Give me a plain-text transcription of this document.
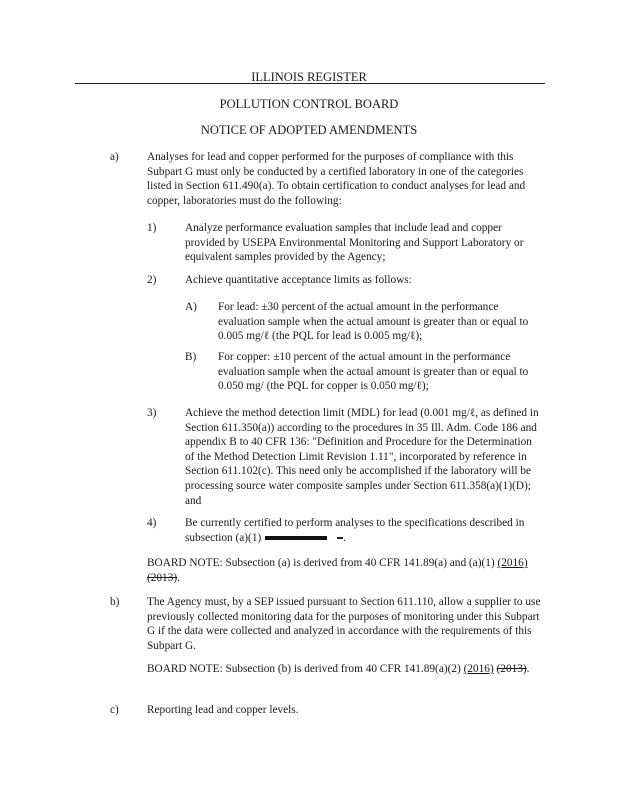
ILLINOIS REGISTER
POLLUTION CONTROL BOARD
NOTICE OF ADOPTED AMENDMENTS
a) Analyses for lead and copper performed for the purposes of compliance with this Subpart G must only be conducted by a certified laboratory in one of the categories listed in Section 611.490(a). To obtain certification to conduct analyses for lead and copper, laboratories must do the following:
1)	Analyze performance evaluation samples that include lead and copper provided by USEPA Environmental Monitoring and Support Laboratory or equivalent samples provided by the Agency;
2)	Achieve quantitative acceptance limits as follows:
A) For lead: ±30 percent of the actual amount in the performance evaluation sample when the actual amount is greater than or equal to 0.005 mg/ℓ (the PQL for lead is 0.005 mg/ℓ);
B) For copper: ±10 percent of the actual amount in the performance evaluation sample when the actual amount is greater than or equal to 0.050 mg/ (the PQL for copper is 0.050 mg/ℓ);
3)	Achieve the method detection limit (MDL) for lead (0.001 mg/ℓ, as defined in Section 611.350(a)) according to the procedures in 35 Ill. Adm. Code 186 and appendix B to 40 CFR 136: "Definition and Procedure for the Determination of the Method Detection Limit Revision 1.11", incorporated by reference in Section 611.102(c). This need only be accomplished if the laboratory will be processing source water composite samples under Section 611.358(a)(1)(D); and
4)	Be currently certified to perform analyses to the specifications described in subsection (a)(1)	.
BOARD NOTE: Subsection (a) is derived from 40 CFR 141.89(a) and (a)(1) (2016) (2013).
b) The Agency must, by a SEP issued pursuant to Section 611.110, allow a supplier to use previously collected monitoring data for the purposes of monitoring under this Subpart G if the data were collected and analyzed in accordance with the requirements of this Subpart G.
BOARD NOTE: Subsection (b) is derived from 40 CFR 141.89(a)(2) (2016) (2013).
c) Reporting lead and copper levels.
